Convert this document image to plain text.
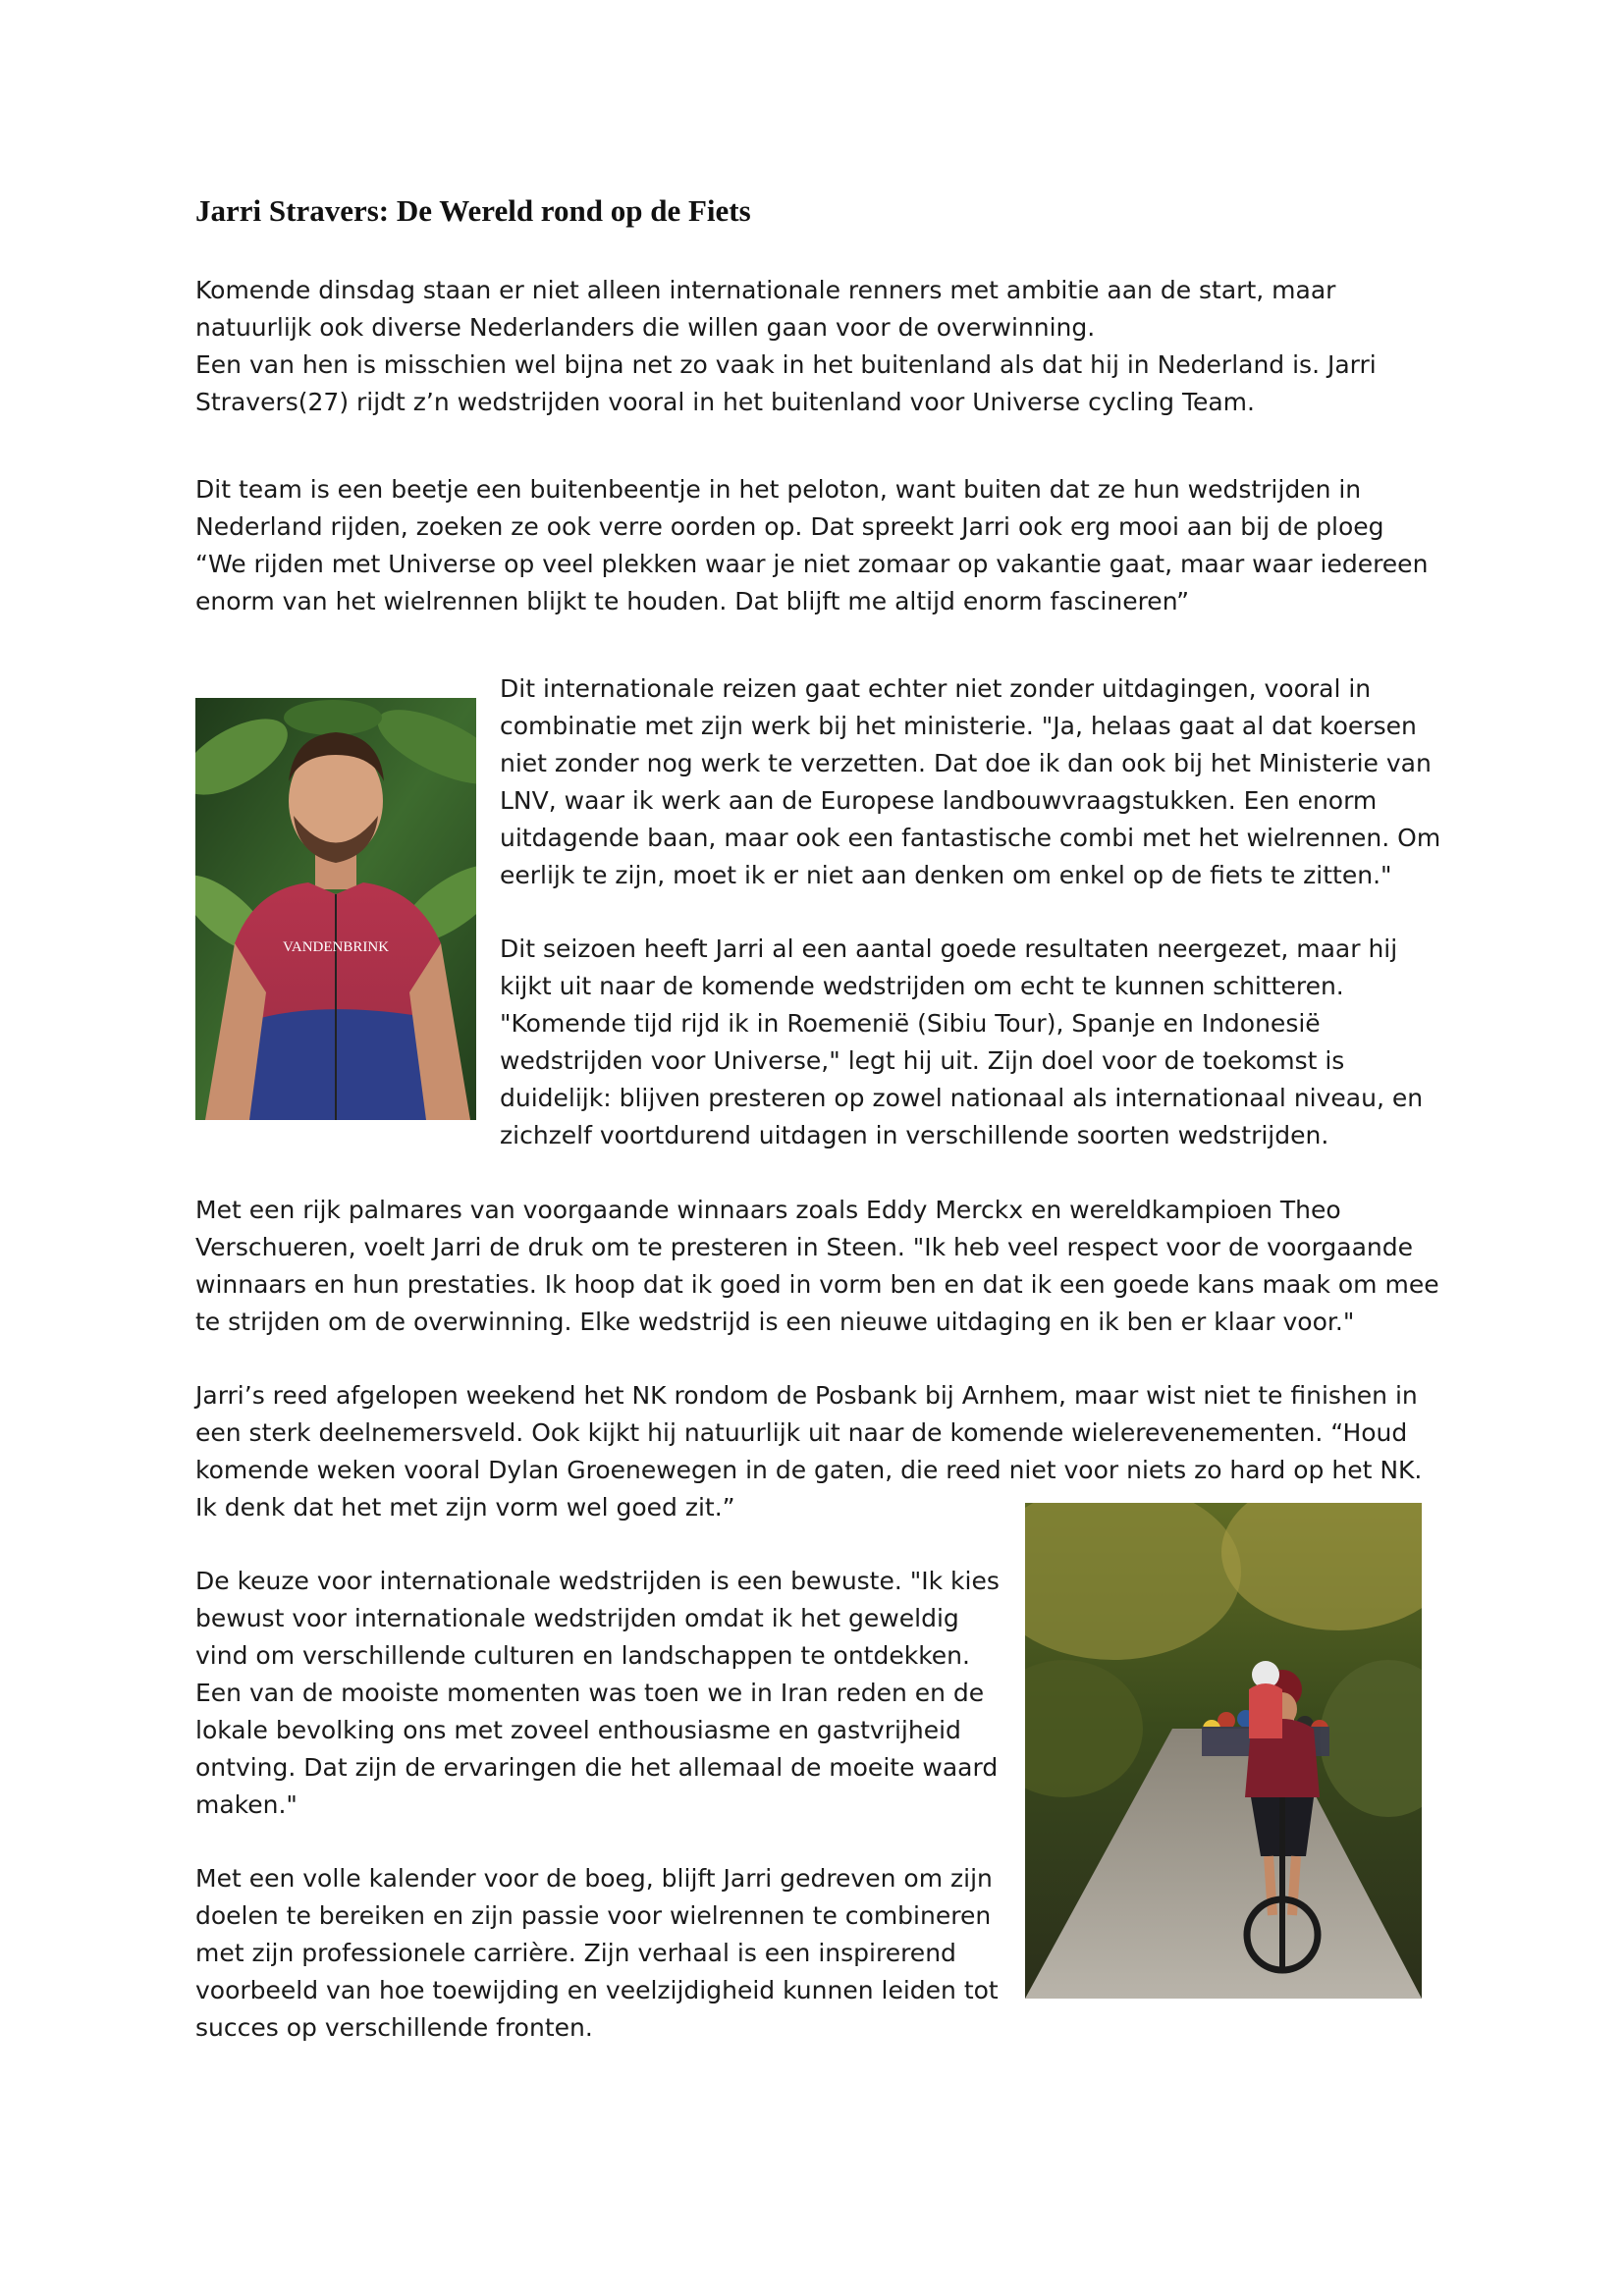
Jarri Stravers: De Wereld rond op de Fiets
Komende dinsdag staan er niet alleen internationale renners met ambitie aan de start, maar
natuurlijk ook diverse Nederlanders die willen gaan voor de overwinning.
Een van hen is misschien wel bijna net zo vaak in het buitenland als dat hij in Nederland is. Jarri
Stravers(27) rijdt z’n wedstrijden vooral in het buitenland voor Universe cycling Team.
Dit team is een beetje een buitenbeentje in het peloton, want buiten dat ze hun wedstrijden in
Nederland rijden, zoeken ze ook verre oorden op. Dat spreekt Jarri ook erg mooi aan bij de ploeg
“We rijden met Universe op veel plekken waar je niet zomaar op vakantie gaat, maar waar iedereen
enorm van het wielrennen blijkt te houden. Dat blijft me altijd enorm fascineren”
VANDENBRINK
Dit internationale reizen gaat echter niet zonder uitdagingen, vooral in
combinatie met zijn werk bij het ministerie. "Ja, helaas gaat al dat koersen
niet zonder nog werk te verzetten. Dat doe ik dan ook bij het Ministerie van
LNV, waar ik werk aan de Europese landbouwvraagstukken. Een enorm
uitdagende baan, maar ook een fantastische combi met het wielrennen. Om
eerlijk te zijn, moet ik er niet aan denken om enkel op de fiets te zitten."
Dit seizoen heeft Jarri al een aantal goede resultaten neergezet, maar hij
kijkt uit naar de komende wedstrijden om echt te kunnen schitteren.
"Komende tijd rijd ik in Roemenië (Sibiu Tour), Spanje en Indonesië
wedstrijden voor Universe," legt hij uit. Zijn doel voor de toekomst is
duidelijk: blijven presteren op zowel nationaal als internationaal niveau, en
zichzelf voortdurend uitdagen in verschillende soorten wedstrijden.
Met een rijk palmares van voorgaande winnaars zoals Eddy Merckx en wereldkampioen Theo
Verschueren, voelt Jarri de druk om te presteren in Steen. "Ik heb veel respect voor de voorgaande
winnaars en hun prestaties. Ik hoop dat ik goed in vorm ben en dat ik een goede kans maak om mee
te strijden om de overwinning. Elke wedstrijd is een nieuwe uitdaging en ik ben er klaar voor."
Jarri’s reed afgelopen weekend het NK rondom de Posbank bij Arnhem, maar wist niet te finishen in
een sterk deelnemersveld. Ook kijkt hij natuurlijk uit naar de komende wielerevenementen. “Houd
komende weken vooral Dylan Groenewegen in de gaten, die reed niet voor niets zo hard op het NK.
Ik denk dat het met zijn vorm wel goed zit.”
De keuze voor internationale wedstrijden is een bewuste. "Ik kies
bewust voor internationale wedstrijden omdat ik het geweldig
vind om verschillende culturen en landschappen te ontdekken.
Een van de mooiste momenten was toen we in Iran reden en de
lokale bevolking ons met zoveel enthousiasme en gastvrijheid
ontving. Dat zijn de ervaringen die het allemaal de moeite waard
maken."
Met een volle kalender voor de boeg, blijft Jarri gedreven om zijn
doelen te bereiken en zijn passie voor wielrennen te combineren
met zijn professionele carrière. Zijn verhaal is een inspirerend
voorbeeld van hoe toewijding en veelzijdigheid kunnen leiden tot
succes op verschillende fronten.
